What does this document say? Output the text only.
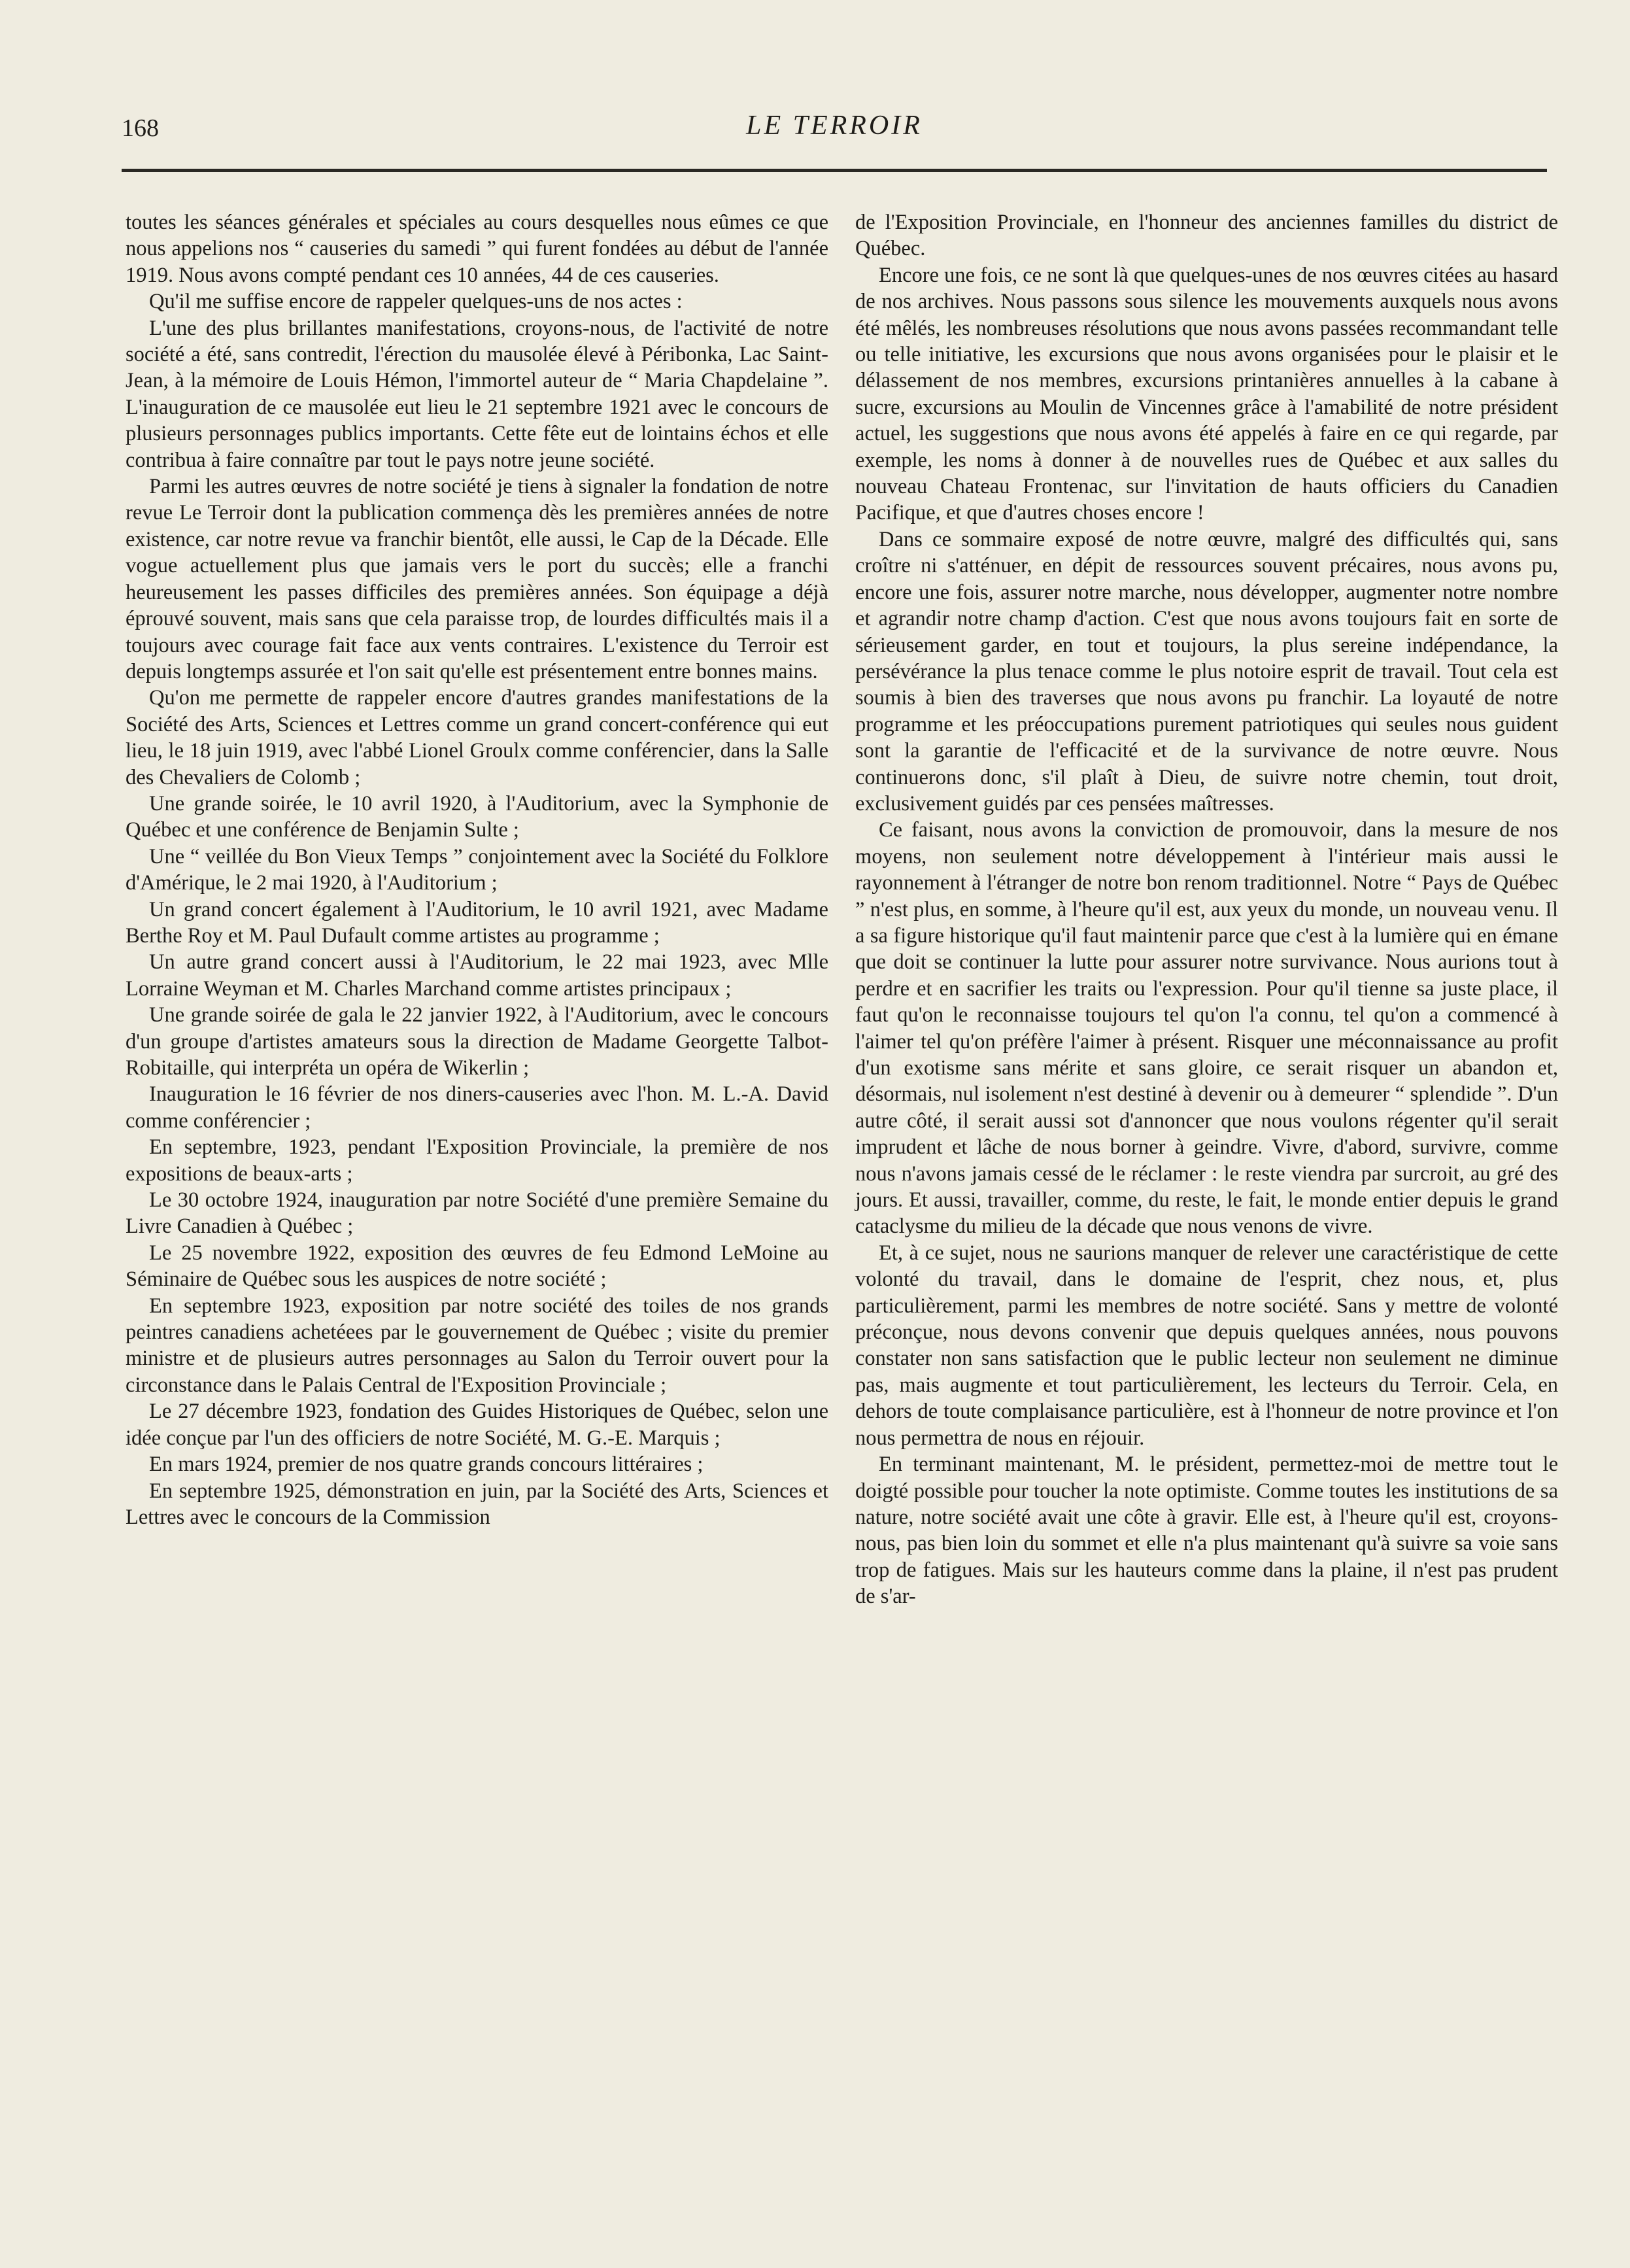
168	LE TERROIR

toutes les séances générales et spéciales au cours desquelles nous eûmes ce que nous appelions nos “ causeries du samedi ” qui furent fondées au début de l'année 1919. Nous avons compté pendant ces 10 années, 44 de ces causeries.

Qu'il me suffise encore de rappeler quelques-uns de nos actes :

L'une des plus brillantes manifestations, croyons-nous, de l'activité de notre société a été, sans contredit, l'érection du mausolée élevé à Péribonka, Lac Saint-Jean, à la mémoire de Louis Hémon, l'immortel auteur de “ Maria Chapdelaine ”. L'inauguration de ce mausolée eut lieu le 21 septembre 1921 avec le concours de plusieurs personnages publics importants. Cette fête eut de lointains échos et elle contribua à faire connaître par tout le pays notre jeune société.

Parmi les autres œuvres de notre société je tiens à signaler la fondation de notre revue Le Terroir dont la publication commença dès les premières années de notre existence, car notre revue va franchir bientôt, elle aussi, le Cap de la Décade. Elle vogue actuellement plus que jamais vers le port du succès; elle a franchi heureusement les passes difficiles des premières années. Son équipage a déjà éprouvé souvent, mais sans que cela paraisse trop, de lourdes difficultés mais il a toujours avec courage fait face aux vents contraires. L'existence du Terroir est depuis longtemps assurée et l'on sait qu'elle est présentement entre bonnes mains.

Qu'on me permette de rappeler encore d'autres grandes manifestations de la Société des Arts, Sciences et Lettres comme un grand concert-conférence qui eut lieu, le 18 juin 1919, avec l'abbé Lionel Groulx comme conférencier, dans la Salle des Chevaliers de Colomb ;

Une grande soirée, le 10 avril 1920, à l'Auditorium, avec la Symphonie de Québec et une conférence de Benjamin Sulte ;

Une “ veillée du Bon Vieux Temps ” conjointement avec la Société du Folklore d'Amérique, le 2 mai 1920, à l'Auditorium ;

Un grand concert également à l'Auditorium, le 10 avril 1921, avec Madame Berthe Roy et M. Paul Dufault comme artistes au programme ;

Un autre grand concert aussi à l'Auditorium, le 22 mai 1923, avec Mlle Lorraine Weyman et M. Charles Marchand comme artistes principaux ;

Une grande soirée de gala le 22 janvier 1922, à l'Auditorium, avec le concours d'un groupe d'artistes amateurs sous la direction de Madame Georgette Talbot-Robitaille, qui interpréta un opéra de Wikerlin ;

Inauguration le 16 février de nos diners-causeries avec l'hon. M. L.-A. David comme conférencier ;

En septembre, 1923, pendant l'Exposition Provinciale, la première de nos expositions de beaux-arts ;

Le 30 octobre 1924, inauguration par notre Société d'une première Semaine du Livre Canadien à Québec ;

Le 25 novembre 1922, exposition des œuvres de feu Edmond LeMoine au Séminaire de Québec sous les auspices de notre société ;

En septembre 1923, exposition par notre société des toiles de nos grands peintres canadiens achetéees par le gouvernement de Québec ; visite du premier ministre et de plusieurs autres personnages au Salon du Terroir ouvert pour la circonstance dans le Palais Central de l'Exposition Provinciale ;

Le 27 décembre 1923, fondation des Guides Historiques de Québec, selon une idée conçue par l'un des officiers de notre Société, M. G.-E. Marquis ;

En mars 1924, premier de nos quatre grands concours littéraires ;

En septembre 1925, démonstration en juin, par la Société des Arts, Sciences et Lettres avec le concours de la Commission

de l'Exposition Provinciale, en l'honneur des anciennes familles du district de Québec.

Encore une fois, ce ne sont là que quelques-unes de nos œuvres citées au hasard de nos archives. Nous passons sous silence les mouvements auxquels nous avons été mêlés, les nombreuses résolutions que nous avons passées recommandant telle ou telle initiative, les excursions que nous avons organisées pour le plaisir et le délassement de nos membres, excursions printanières annuelles à la cabane à sucre, excursions au Moulin de Vincennes grâce à l'amabilité de notre président actuel, les suggestions que nous avons été appelés à faire en ce qui regarde, par exemple, les noms à donner à de nouvelles rues de Québec et aux salles du nouveau Chateau Frontenac, sur l'invitation de hauts officiers du Canadien Pacifique, et que d'autres choses encore !

Dans ce sommaire exposé de notre œuvre, malgré des difficultés qui, sans croître ni s'atténuer, en dépit de ressources souvent précaires, nous avons pu, encore une fois, assurer notre marche, nous développer, augmenter notre nombre et agrandir notre champ d'action. C'est que nous avons toujours fait en sorte de sérieusement garder, en tout et toujours, la plus sereine indépendance, la persévérance la plus tenace comme le plus notoire esprit de travail. Tout cela est soumis à bien des traverses que nous avons pu franchir. La loyauté de notre programme et les préoccupations purement patriotiques qui seules nous guident sont la garantie de l'efficacité et de la survivance de notre œuvre. Nous continuerons donc, s'il plaît à Dieu, de suivre notre chemin, tout droit, exclusivement guidés par ces pensées maîtresses.

Ce faisant, nous avons la conviction de promouvoir, dans la mesure de nos moyens, non seulement notre développement à l'intérieur mais aussi le rayonnement à l'étranger de notre bon renom traditionnel. Notre “ Pays de Québec ” n'est plus, en somme, à l'heure qu'il est, aux yeux du monde, un nouveau venu. Il a sa figure historique qu'il faut maintenir parce que c'est à la lumière qui en émane que doit se continuer la lutte pour assurer notre survivance. Nous aurions tout à perdre et en sacrifier les traits ou l'expression. Pour qu'il tienne sa juste place, il faut qu'on le reconnaisse toujours tel qu'on l'a connu, tel qu'on a commencé à l'aimer tel qu'on préfère l'aimer à présent. Risquer une méconnaissance au profit d'un exotisme sans mérite et sans gloire, ce serait risquer un abandon et, désormais, nul isolement n'est destiné à devenir ou à demeurer “ splendide ”. D'un autre côté, il serait aussi sot d'annoncer que nous voulons régenter qu'il serait imprudent et lâche de nous borner à geindre. Vivre, d'abord, survivre, comme nous n'avons jamais cessé de le réclamer : le reste viendra par surcroit, au gré des jours. Et aussi, travailler, comme, du reste, le fait, le monde entier depuis le grand cataclysme du milieu de la décade que nous venons de vivre.

Et, à ce sujet, nous ne saurions manquer de relever une caractéristique de cette volonté du travail, dans le domaine de l'esprit, chez nous, et, plus particulièrement, parmi les membres de notre société. Sans y mettre de volonté préconçue, nous devons convenir que depuis quelques années, nous pouvons constater non sans satisfaction que le public lecteur non seulement ne diminue pas, mais augmente et tout particulièrement, les lecteurs du Terroir. Cela, en dehors de toute complaisance particulière, est à l'honneur de notre province et l'on nous permettra de nous en réjouir.

En terminant maintenant, M. le président, permettez-moi de mettre tout le doigté possible pour toucher la note optimiste. Comme toutes les institutions de sa nature, notre société avait une côte à gravir. Elle est, à l'heure qu'il est, croyons-nous, pas bien loin du sommet et elle n'a plus maintenant qu'à suivre sa voie sans trop de fatigues. Mais sur les hauteurs comme dans la plaine, il n'est pas prudent de s'ar-
